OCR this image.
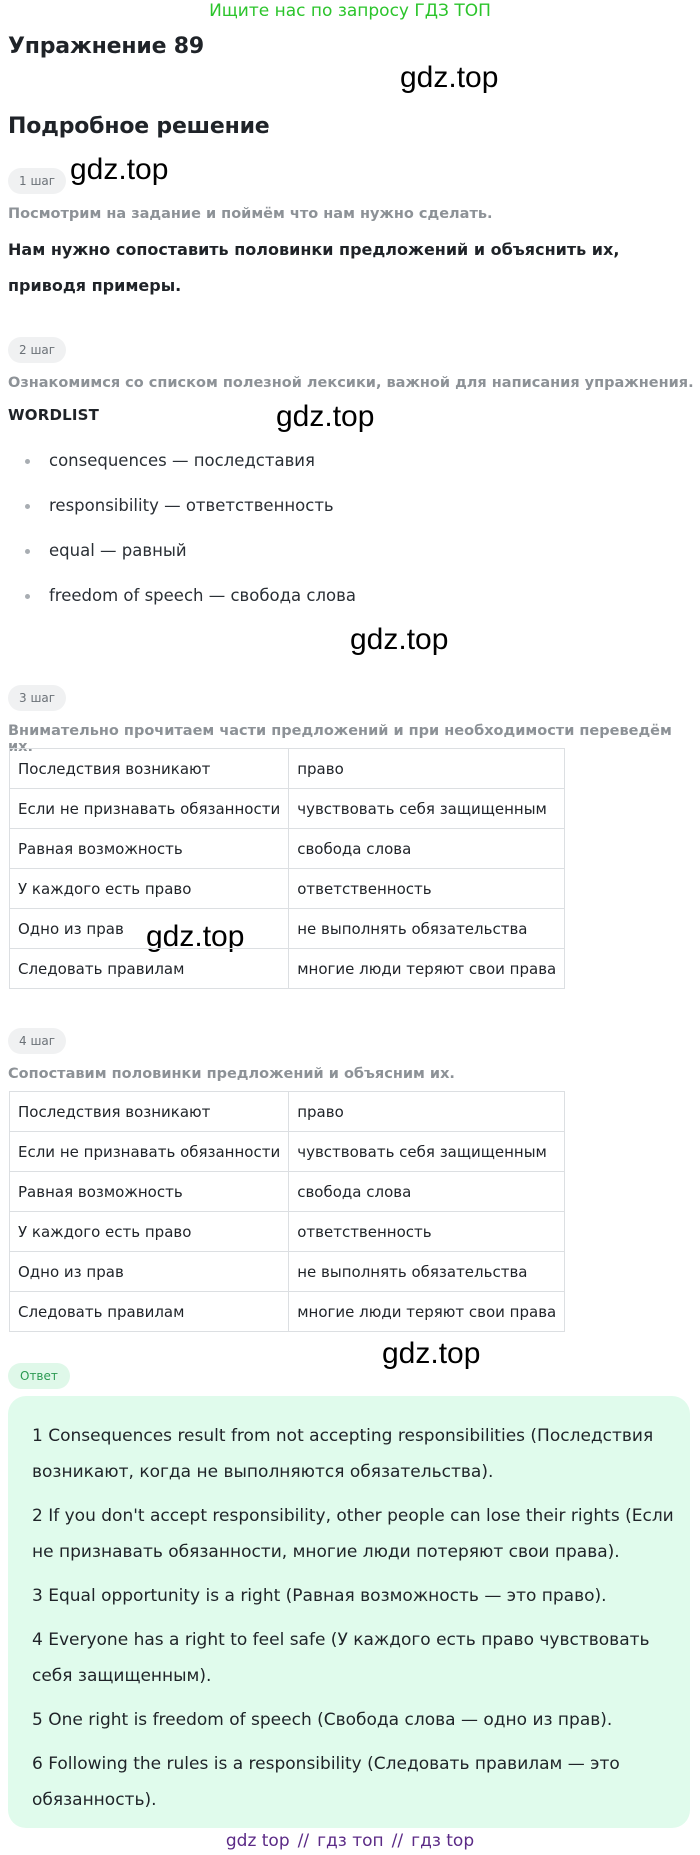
Ищите нас по запросу ГДЗ ТОП
Упражнение 89
Подробное решение
gdz.top
gdz.top
gdz.top
gdz.top
gdz.top
gdz.top
1 шаг
Посмотрим на задание и поймём что нам нужно сделать.
Нам нужно сопоставить половинки предложений и объяснить их, приводя примеры.
2 шаг
Ознакомимся со списком полезной лексики, важной для написания упражнения.
WORDLIST
consequences — последставия
responsibility — ответственность
equal — равный
freedom of speech — свобода слова
3 шаг
Внимательно прочитаем части предложений и при необходимости переведём их.
Последствия возникают	право
Если не признавать обязанности	чувствовать себя защищенным
Равная возможность	свобода слова
У каждого есть право	ответственность
Одно из прав	не выполнять обязательства
Следовать правилам	многие люди теряют свои права
4 шаг
Сопоставим половинки предложений и объясним их.
Последствия возникают	право
Если не признавать обязанности	чувствовать себя защищенным
Равная возможность	свобода слова
У каждого есть право	ответственность
Одно из прав	не выполнять обязательства
Следовать правилам	многие люди теряют свои права
Ответ

1 Consequences result from not accepting responsibilities (Последствия возникают, когда не выполняются обязательства).

2 If you don't accept responsibility, other people can lose their rights (Если не признавать обязанности, многие люди потеряют свои права).

3 Equal opportunity is a right (Равная возможность — это право).

4 Everyone has a right to feel safe (У каждого есть право чувствовать себя защищенным).

5 One right is freedom of speech (Свобода слова — одно из прав).

6 Following the rules is a responsibility (Следовать правилам — это обязанность).

gdz top // гдз топ // гдз top
